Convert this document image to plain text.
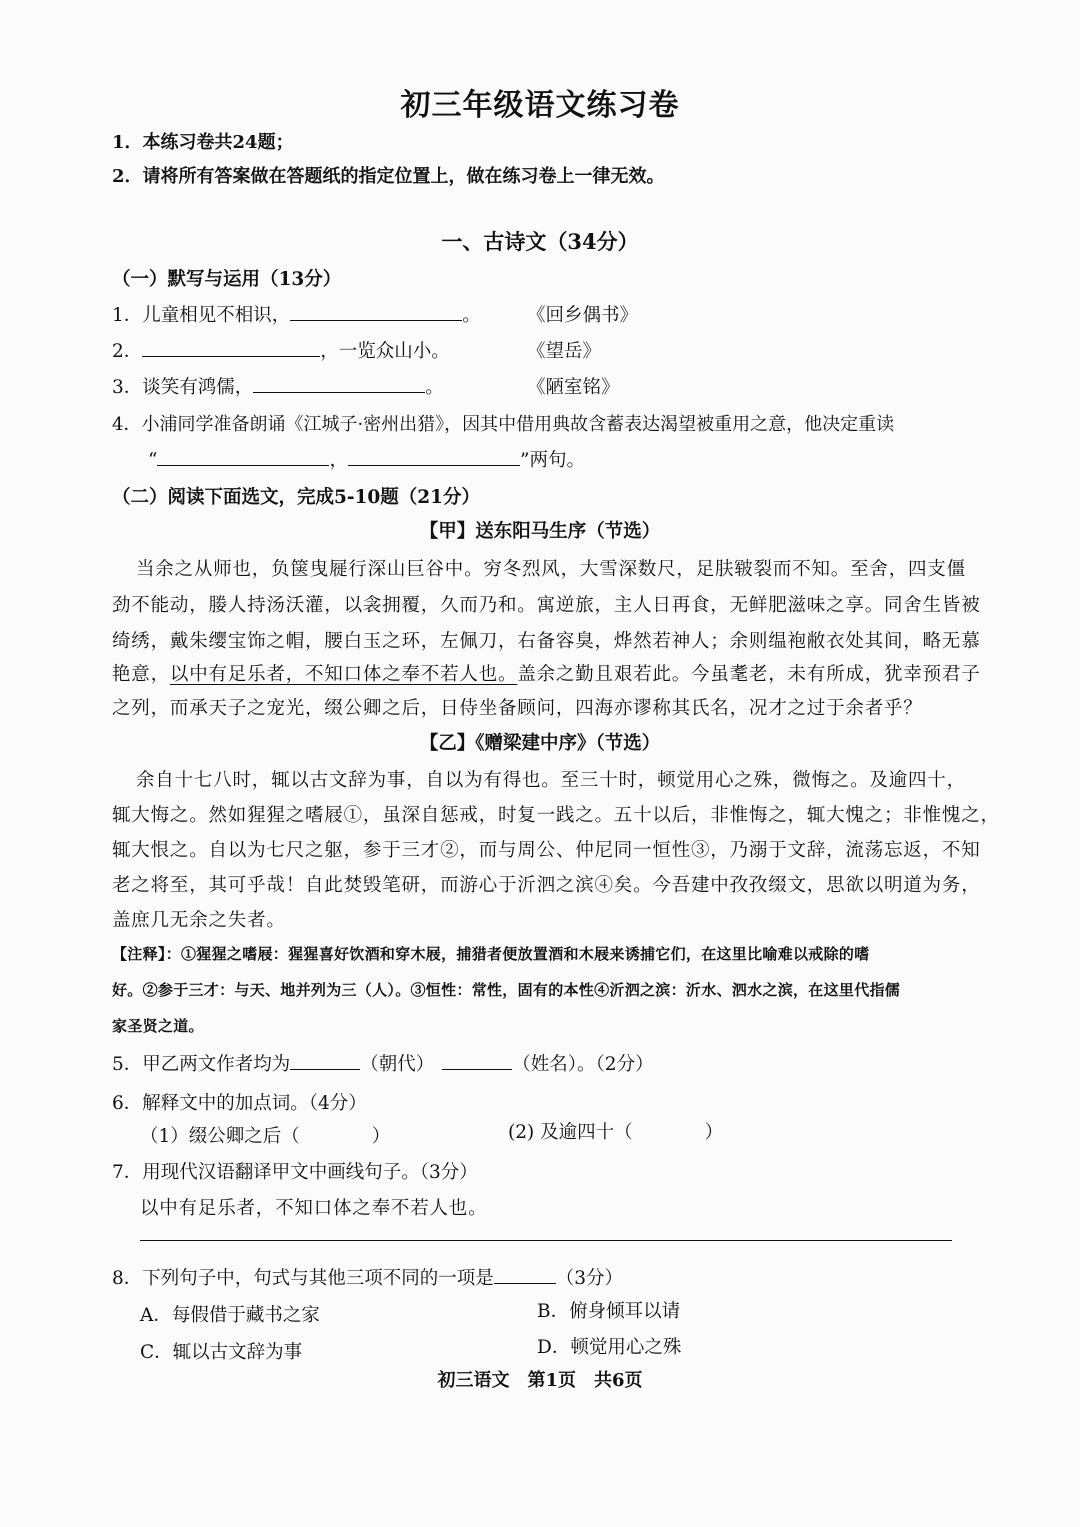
初三年级语文练习卷
1．本练习卷共24题；
2．请将所有答案做在答题纸的指定位置上，做在练习卷上一律无效。
一、古诗文（34分）
（一）默写与运用（13分）
1．儿童相见不相识，	。 《回乡偶书》
2．	，一览众山小。	《望岳》
3．谈笑有鸿儒，	。	《陋室铭》
4．小浦同学准备朗诵《江城子·密州出猎》，因其中借用典故含蓄表达渴望被重用之意，他决定重读
“	，	”两句。
（二）阅读下面选文，完成5-10题（21分）
【甲】送东阳马生序（节选）
当余之从师也，负箧曳屣行深山巨谷中。穷冬烈风，大雪深数尺，足肤皲裂而不知。至舍，四支僵
劲不能动，媵人持汤沃灌，以衾拥覆，久而乃和。寓逆旅，主人日再食，无鲜肥滋味之享。同舍生皆被
绮绣，戴朱缨宝饰之帽，腰白玉之环，左佩刀，右备容臭，烨然若神人；余则缊袍敝衣处其间，略无慕
艳意，以中有足乐者，不知口体之奉不若人也。盖余之勤且艰若此。今虽耄老，未有所成，犹幸预君子
之列，而承天子之宠光，缀公卿之后，日侍坐备顾问，四海亦谬称其氏名，况才之过于余者乎？
【乙】《赠梁建中序》（节选）
余自十七八时，辄以古文辞为事，自以为有得也。至三十时，顿觉用心之殊，微悔之。及逾四十，
辄大悔之。然如猩猩之嗜屐①，虽深自惩戒，时复一践之。五十以后，非惟悔之，辄大愧之；非惟愧之，
辄大恨之。自以为七尺之躯，参于三才②，而与周公、仲尼同一恒性③，乃溺于文辞，流荡忘返，不知
老之将至，其可乎哉！自此焚毁笔研，而游心于沂泗之滨④矣。今吾建中孜孜缀文，思欲以明道为务，
盖庶几无余之失者。
【注释】：①猩猩之嗜屐：猩猩喜好饮酒和穿木屐，捕猎者便放置酒和木屐来诱捕它们，在这里比喻难以戒除的嗜
好。②参于三才：与天、地并列为三（人）。③恒性：常性，固有的本性④沂泗之滨：沂水、泗水之滨，在这里代指儒
家圣贤之道。
5．甲乙两文作者均为	（朝代）	（姓名）。（2分）
6．解释文中的加点词。（4分）
（1）缀公卿之后（	）	(2) 及逾四十（	）
7．用现代汉语翻译甲文中画线句子。（3分）
以中有足乐者，不知口体之奉不若人也。
8．下列句子中，句式与其他三项不同的一项是	（3分）
A．每假借于藏书之家	B．俯身倾耳以请
C．辄以古文辞为事	D．顿觉用心之殊
初三语文　第1页　共6页
